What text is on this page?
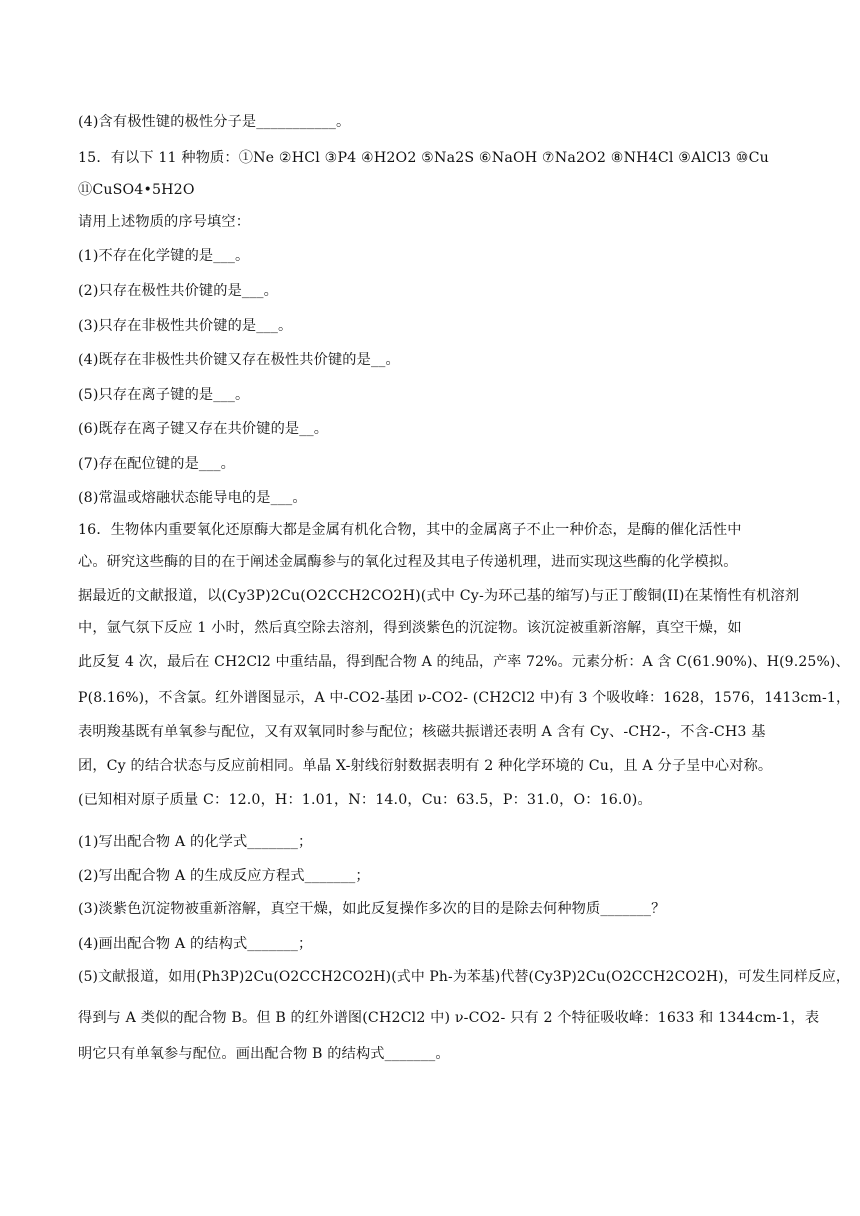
(4)含有极性键的极性分子是___________。
15．有以下 11 种物质：①Ne ②HCl ③P4 ④H2O2 ⑤Na2S ⑥NaOH ⑦Na2O2 ⑧NH4Cl ⑨AlCl3 ⑩Cu
⑪CuSO4•5H2O
请用上述物质的序号填空：
(1)不存在化学键的是___。
(2)只存在极性共价键的是___。
(3)只存在非极性共价键的是___。
(4)既存在非极性共价键又存在极性共价键的是__。
(5)只存在离子键的是___。
(6)既存在离子键又存在共价键的是__。
(7)存在配位键的是___。
(8)常温或熔融状态能导电的是___。
16．生物体内重要氧化还原酶大都是金属有机化合物，其中的金属离子不止一种价态，是酶的催化活性中
心。研究这些酶的目的在于阐述金属酶参与的氧化过程及其电子传递机理，进而实现这些酶的化学模拟。
据最近的文献报道，以(Cy3P)2Cu(O2CCH2CO2H)(式中 Cy-为环己基的缩写)与正丁酸铜(II)在某惰性有机溶剂
中，氩气氛下反应 1 小时，然后真空除去溶剂，得到淡紫色的沉淀物。该沉淀被重新溶解，真空干燥，如
此反复 4 次，最后在 CH2Cl2 中重结晶，得到配合物 A 的纯品，产率 72%。元素分析：A 含 C(61.90%)、H(9.25%)、
P(8.16%)，不含氯。红外谱图显示，A 中-CO2-基团 ν-CO2- (CH2Cl2 中)有 3 个吸收峰：1628，1576，1413cm-1，
表明羧基既有单氧参与配位，又有双氧同时参与配位；核磁共振谱还表明 A 含有 Cy、-CH2-，不含-CH3 基
团，Cy 的结合状态与反应前相同。单晶 X-射线衍射数据表明有 2 种化学环境的 Cu，且 A 分子呈中心对称。
(已知相对原子质量 C：12.0，H：1.01，N：14.0，Cu：63.5，P：31.0，O：16.0)。
(1)写出配合物 A 的化学式_______；
(2)写出配合物 A 的生成反应方程式_______；
(3)淡紫色沉淀物被重新溶解，真空干燥，如此反复操作多次的目的是除去何种物质_______？
(4)画出配合物 A 的结构式_______；
(5)文献报道，如用(Ph3P)2Cu(O2CCH2CO2H)(式中 Ph-为苯基)代替(Cy3P)2Cu(O2CCH2CO2H)，可发生同样反应，
得到与 A 类似的配合物 B。但 B 的红外谱图(CH2Cl2 中) ν-CO2- 只有 2 个特征吸收峰：1633 和 1344cm-1，表
明它只有单氧参与配位。画出配合物 B 的结构式_______。
